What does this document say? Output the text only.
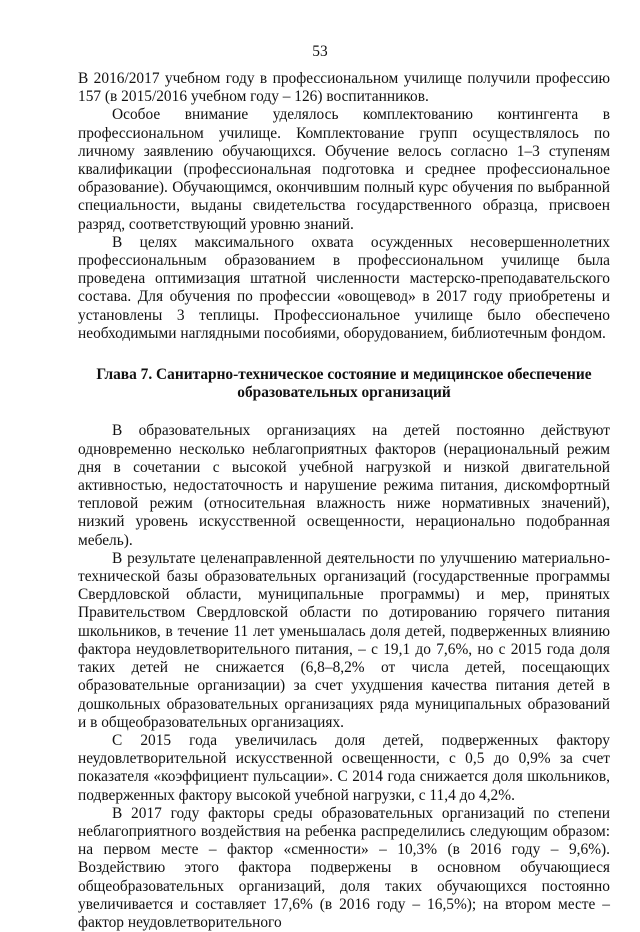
53

В 2016/2017 учебном году в профессиональном училище получили профессию 157 (в 2015/2016 учебном году – 126) воспитанников.

Особое внимание уделялось комплектованию контингента в профессиональном училище. Комплектование групп осуществлялось по личному заявлению обучающихся. Обучение велось согласно 1–3 ступеням квалификации (профессиональная подготовка и среднее профессиональное образование). Обучающимся, окончившим полный курс обучения по выбранной специальности, выданы свидетельства государственного образца, присвоен разряд, соответствующий уровню знаний.

В целях максимального охвата осужденных несовершеннолетних профессиональным образованием в профессиональном училище была проведена оптимизация штатной численности мастерско-преподавательского состава. Для обучения по профессии «овощевод» в 2017 году приобретены и установлены 3 теплицы. Профессиональное училище было обеспечено необходимыми наглядными пособиями, оборудованием, библиотечным фондом.

Глава 7. Санитарно-техническое состояние и медицинское обеспечение
образовательных организаций

В образовательных организациях на детей постоянно действуют одновременно несколько неблагоприятных факторов (нерациональный режим дня в сочетании с высокой учебной нагрузкой и низкой двигательной активностью, недостаточность и нарушение режима питания, дискомфортный тепловой режим (относительная влажность ниже нормативных значений), низкий уровень искусственной освещенности, нерационально подобранная мебель).

В результате целенаправленной деятельности по улучшению материально-технической базы образовательных организаций (государственные программы Свердловской области, муниципальные программы) и мер, принятых Правительством Свердловской области по дотированию горячего питания школьников, в течение 11 лет уменьшалась доля детей, подверженных влиянию фактора неудовлетворительного питания, – с 19,1 до 7,6%, но с 2015 года доля таких детей не снижается (6,8–8,2% от числа детей, посещающих образовательные организации) за счет ухудшения качества питания детей в дошкольных образовательных организациях ряда муниципальных образований и в общеобразовательных организациях.

С 2015 года увеличилась доля детей, подверженных фактору неудовлетворительной искусственной освещенности, с 0,5 до 0,9% за счет показателя «коэффициент пульсации». С 2014 года снижается доля школьников, подверженных фактору высокой учебной нагрузки, с 11,4 до 4,2%.

В 2017 году факторы среды образовательных организаций по степени неблагоприятного воздействия на ребенка распределились следующим образом: на первом месте – фактор «сменности» – 10,3% (в 2016 году – 9,6%). Воздействию этого фактора подвержены в основном обучающиеся общеобразовательных организаций, доля таких обучающихся постоянно увеличивается и составляет 17,6% (в 2016 году – 16,5%); на втором месте – фактор неудовлетворительного
